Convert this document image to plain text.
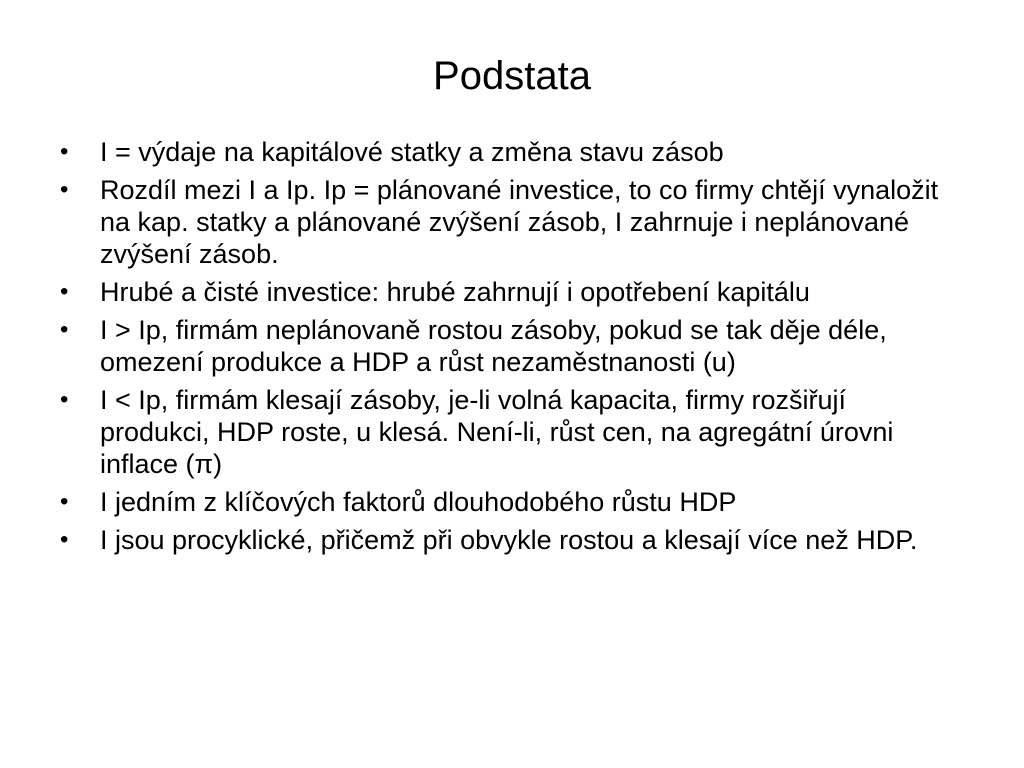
Podstata
• I = výdaje na kapitálové statky a změna stavu zásob
• Rozdíl mezi I a Ip. Ip = plánované investice, to co firmy chtějí vynaložit na kap. statky a plánované zvýšení zásob, I zahrnuje i neplánované zvýšení zásob.
• Hrubé a čisté investice: hrubé zahrnují i opotřebení kapitálu
• I > Ip, firmám neplánovaně rostou zásoby, pokud se tak děje déle, omezení produkce a HDP a růst nezaměstnanosti (u)
• I < Ip, firmám klesají zásoby, je-li volná kapacita, firmy rozšiřují produkci, HDP roste, u klesá. Není-li, růst cen, na agregátní úrovni inflace (π)
• I jedním z klíčových faktorů dlouhodobého růstu HDP
• I jsou procyklické, přičemž při obvykle rostou a klesají více než HDP.
